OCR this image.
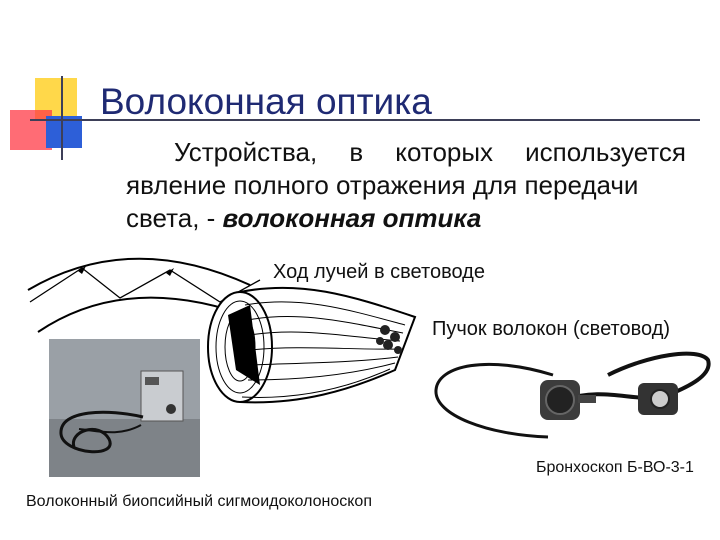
Волоконная оптика
Устройства, в которых используется
явление полного отражения для передачи
света, - волоконная оптика
Ход лучей в световоде
Пучок волокон (световод)
Бронхоскоп Б-ВО-3-1
Волоконный биопсийный сигмоидоколоноскоп
